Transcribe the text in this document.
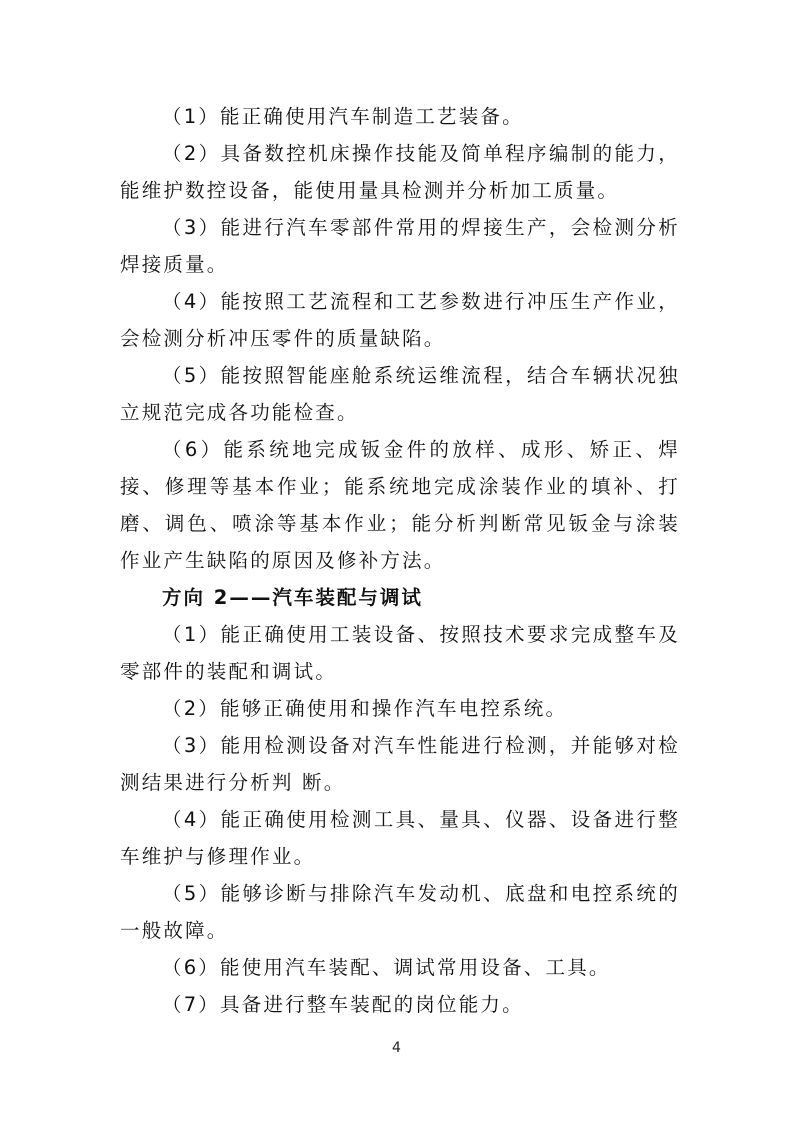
（1）能正确使用汽车制造工艺装备。

（2）具备数控机床操作技能及简单程序编制的能力，能维护数控设备，能使用量具检测并分析加工质量。

（3）能进行汽车零部件常用的焊接生产，会检测分析焊接质量。

（4）能按照工艺流程和工艺参数进行冲压生产作业，会检测分析冲压零件的质量缺陷。

（5）能按照智能座舱系统运维流程，结合车辆状况独立规范完成各功能检查。

（6）能系统地完成钣金件的放样、成形、矫正、焊接、修理等基本作业；能系统地完成涂装作业的填补、打磨、调色、喷涂等基本作业；能分析判断常见钣金与涂装作业产生缺陷的原因及修补方法。

方向 2——汽车装配与调试

（1）能正确使用工装设备、按照技术要求完成整车及零部件的装配和调试。

（2）能够正确使用和操作汽车电控系统。

（3）能用检测设备对汽车性能进行检测，并能够对检测结果进行分析判 断。

（4）能正确使用检测工具、量具、仪器、设备进行整车维护与修理作业。

（5）能够诊断与排除汽车发动机、底盘和电控系统的一般故障。

（6）能使用汽车装配、调试常用设备、工具。

（7）具备进行整车装配的岗位能力。

4
